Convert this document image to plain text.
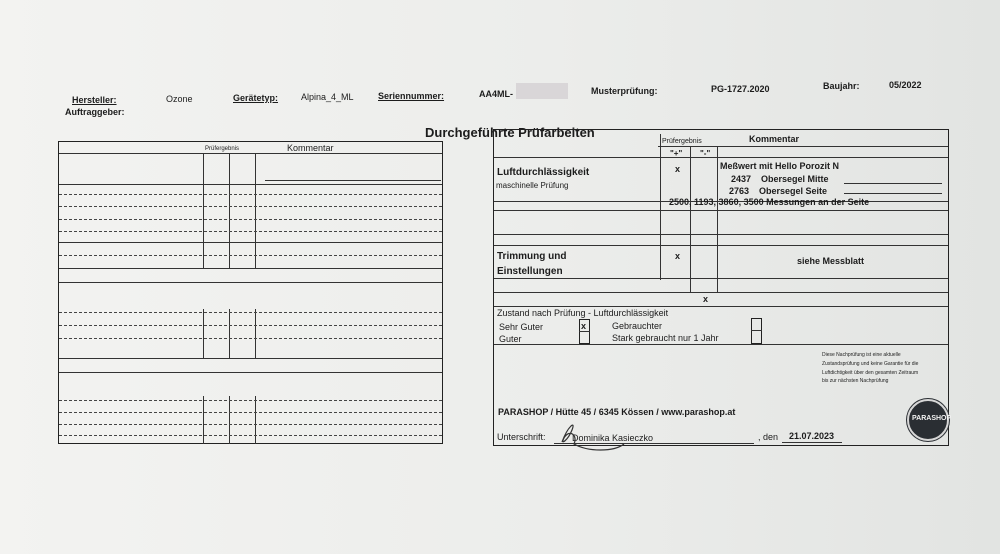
Hersteller:	Ozone	Gerätetyp:	Alpina_4_ML	Seriennummer:	AA4ML-	Musterprüfung:	PG-1727.2020	Baujahr:	05/2022
Auftraggeber:
Durchgeführte Prüfarbeiten
Prüfergebnis	Kommentar
Prüfergebnis	Kommentar
"+" "-"
Luftdurchlässigkeit
maschinelle Prüfung
x	Meßwert mit Hello Porozit N
2437 Obersegel Mitte
2763 Obersegel Seite
2500, 1193, 3860, 3500 Messungen an der Seite
Trimmung und
Einstellungen
x	siehe Messblatt
x
Zustand nach Prüfung - Luftdurchlässigkeit
Sehr Guter	x
Guter
Gebrauchter
Stark gebraucht nur 1 Jahr
Diese Nachprüfung ist eine aktuelle
Zustandsprüfung und keine Garantie für die
Luftdichtigkeit über den gesamten Zeitraum
bis zur nächsten Nachprüfung
PARASHOP / Hütte 45 / 6345 Kössen / www.parashop.at
Unterschrift:	Dominika Kasieczko	, den 21.07.2023
PARASHOP
